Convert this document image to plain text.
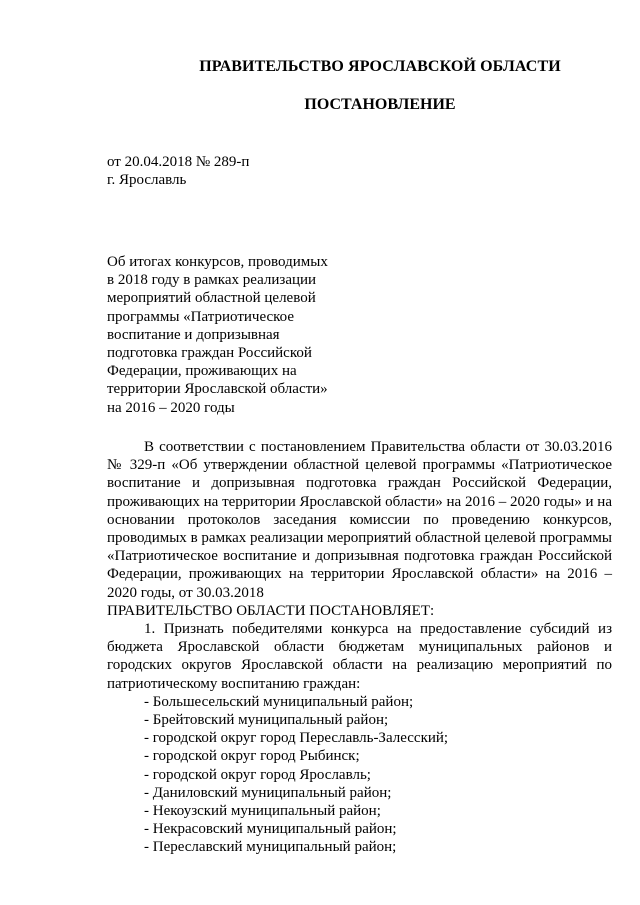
ПРАВИТЕЛЬСТВО ЯРОСЛАВСКОЙ ОБЛАСТИ
ПОСТАНОВЛЕНИЕ
от 20.04.2018 № 289-п
г. Ярославль
Об итогах конкурсов, проводимых
в 2018 году в рамках реализации
мероприятий областной целевой
программы «Патриотическое
воспитание и допризывная
подготовка граждан Российской
Федерации, проживающих на
территории Ярославской области»
на 2016 – 2020 годы

В соответствии с постановлением Правительства области от 30.03.2016 № 329-п «Об утверждении областной целевой программы «Патриотическое воспитание и допризывная подготовка граждан Российской Федерации, проживающих на территории Ярославской области» на 2016 – 2020 годы» и на основании протоколов заседания комиссии по проведению конкурсов, проводимых в рамках реализации мероприятий областной целевой программы «Патриотическое воспитание и допризывная подготовка граждан Российской Федерации, проживающих на территории Ярославской области» на 2016 – 2020 годы, от 30.03.2018

ПРАВИТЕЛЬСТВО ОБЛАСТИ ПОСТАНОВЛЯЕТ:

1. Признать победителями конкурса на предоставление субсидий из бюджета Ярославской области бюджетам муниципальных районов и городских округов Ярославской области на реализацию мероприятий по патриотическому воспитанию граждан:

- Большесельский муниципальный район;
- Брейтовский муниципальный район;
- городской округ город Переславль-Залесский;
- городской округ город Рыбинск;
- городской округ город Ярославль;
- Даниловский муниципальный район;
- Некоузский муниципальный район;
- Некрасовский муниципальный район;
- Переславский муниципальный район;
